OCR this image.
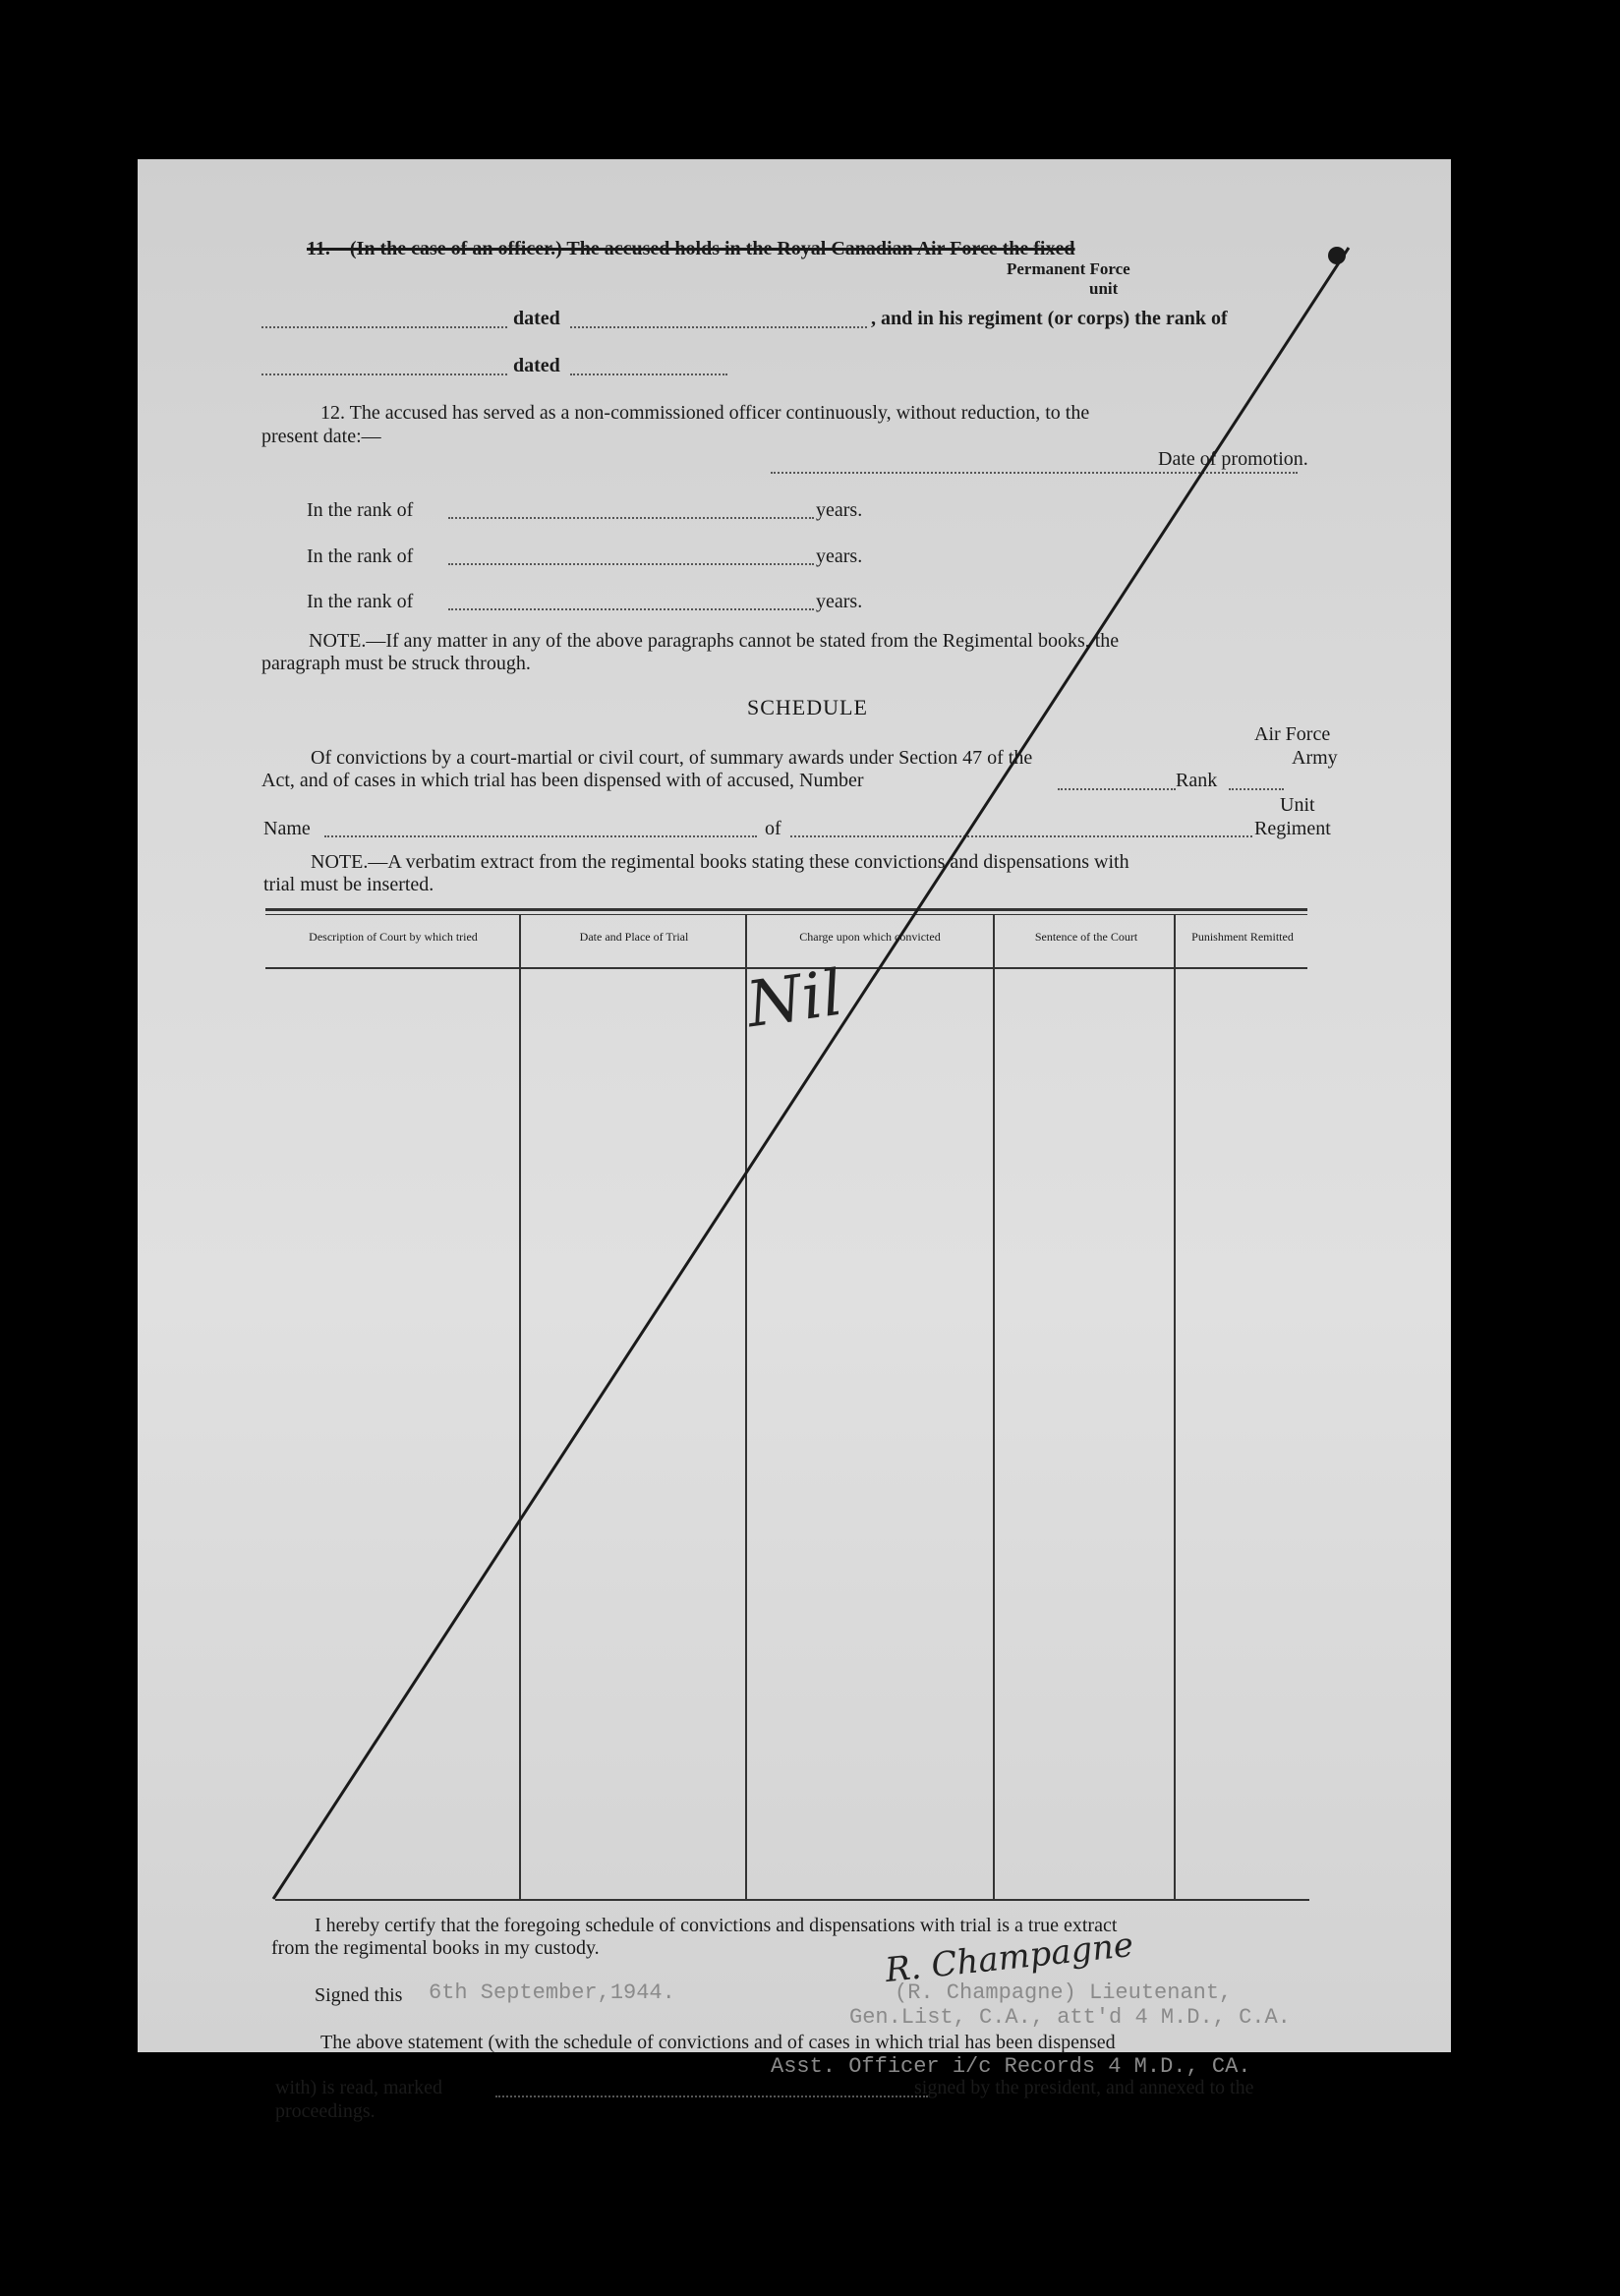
11.—(In the case of an officer.) The accused holds in the Royal Canadian Air Force the fixed
Permanent Force
unit
dated	, and in his regiment (or corps) the rank of
dated
12. The accused has served as a non-commissioned officer continuously, without reduction, to the
present date:—
Date of promotion.
In the rank of	years.
In the rank of	years.
In the rank of	years.
NOTE.—If any matter in any of the above paragraphs cannot be stated from the Regimental books, the
paragraph must be struck through.
SCHEDULE
Air Force
Of convictions by a court-martial or civil court, of summary awards under Section 47 of the	Army
Act, and of cases in which trial has been dispensed with of accused, Number	Rank
Unit
Name	of	Regiment
NOTE.—A verbatim extract from the regimental books stating these convictions and dispensations with
trial must be inserted.
Description of Court by which tried	Date and Place of Trial	Charge upon which convicted	Sentence of the Court	Punishment Remitted
Nil
I hereby certify that the foregoing schedule of convictions and dispensations with trial is a true extract
from the regimental books in my custody.
Signed this 6th September,1944.	(R. Champagne) Lieutenant,
Gen.List, C.A., att'd 4 M.D., C.A.
R. Champagne
The above statement (with the schedule of convictions and of cases in which trial has been dispensed
Asst. Officer i/c Records 4 M.D., CA.
with) is read, marked	signed by the president, and annexed to the
proceedings.
